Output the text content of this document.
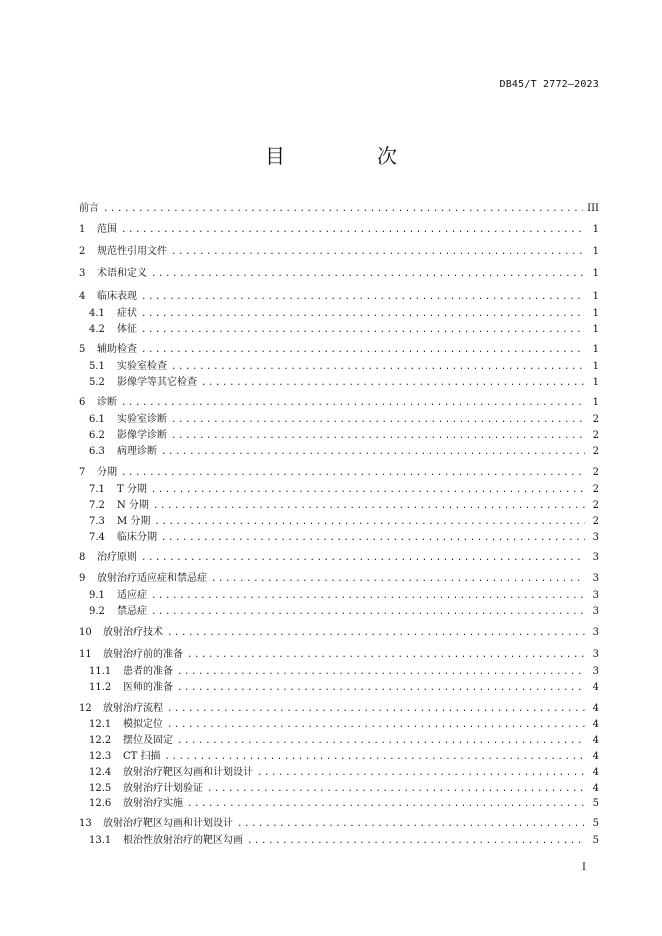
DB45/T 2772—2023
目　次
前言 .....	III
1 范围 .....	1
2 规范性引用文件 .....	1
3 术语和定义 .....	1
4 临床表现 .....	1
4.1 症状 .....	1
4.2 体征 .....	1
5 辅助检查 .....	1
5.1 实验室检查 .....	1
5.2 影像学等其它检查 .....	1
6 诊断 .....	1
6.1 实验室诊断 .....	2
6.2 影像学诊断 .....	2
6.3 病理诊断 .....	2
7 分期 .....	2
7.1 T 分期 .....	2
7.2 N 分期 .....	2
7.3 M 分期 .....	2
7.4 临床分期 .....	3
8 治疗原则 .....	3
9 放射治疗适应症和禁忌症 .....	3
9.1 适应症 .....	3
9.2 禁忌症 .....	3
10 放射治疗技术 .....	3
11 放射治疗前的准备 .....	3
11.1 患者的准备 .....	3
11.2 医师的准备 .....	4
12 放射治疗流程 .....	4
12.1 模拟定位 .....	4
12.2 摆位及固定 .....	4
12.3 CT 扫描 .....	4
12.4 放射治疗靶区勾画和计划设计 .....	4
12.5 放射治疗计划验证 .....	4
12.6 放射治疗实施 .....	5
13 放射治疗靶区勾画和计划设计 .....	5
13.1 根治性放射治疗的靶区勾画 .....	5
I
